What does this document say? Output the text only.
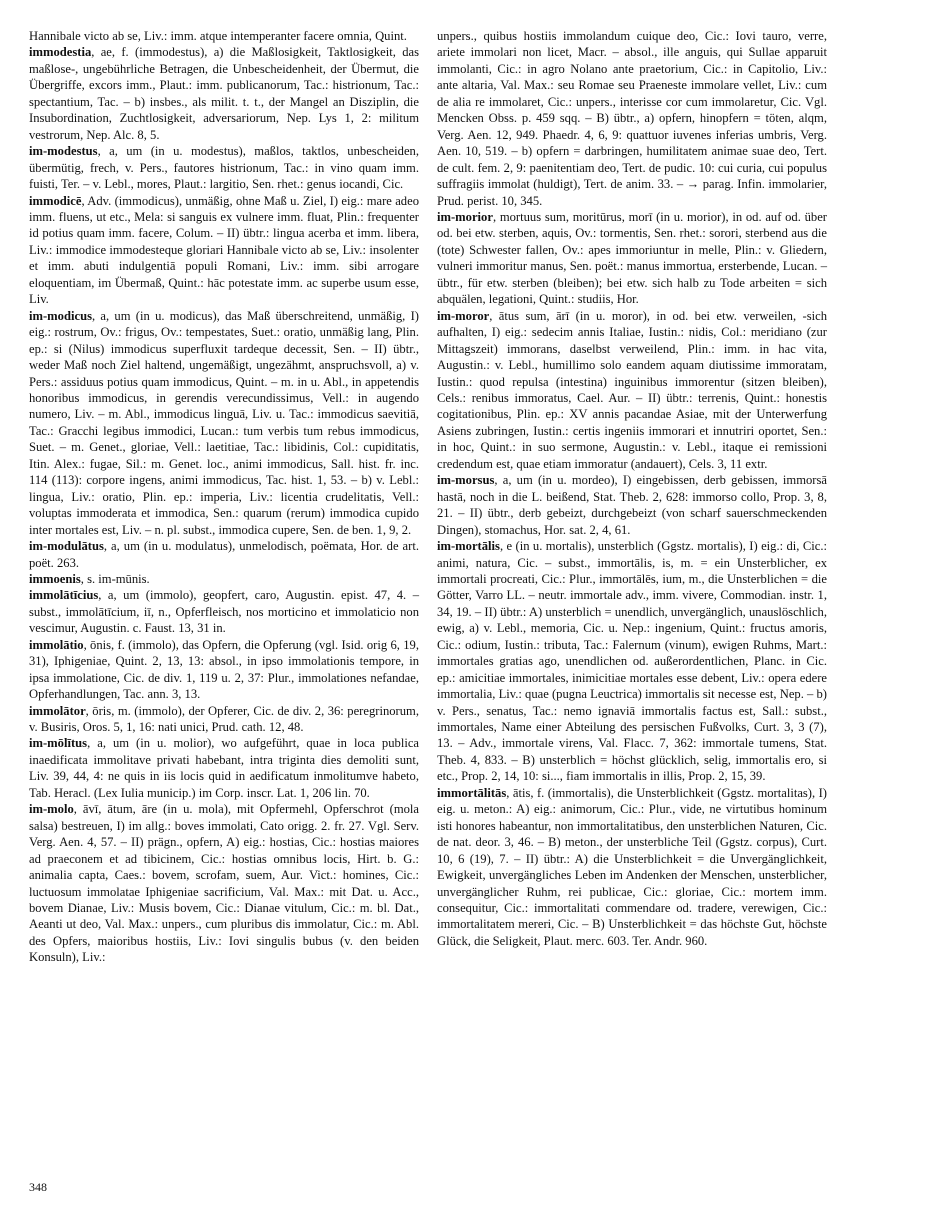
Hannibale victo ab se, Liv.: imm. atque intemperanter facere omnia, Quint.

immodestia, ae, f. (immodestus), a) die Maßlosigkeit, Taktlosigkeit, das maßlose-, ungebührliche Betragen, die Unbescheidenheit, der Übermut, die Übergriffe, excors imm., Plaut.: imm. publicanorum, Tac.: histrionum, Tac.: spectantium, Tac. – b) insbes., als milit. t. t., der Mangel an Disziplin, die Insubordination, Zuchtlosigkeit, adversariorum, Nep. Lys 1, 2: militum vestrorum, Nep. Alc. 8, 5.

im-modestus, a, um (in u. modestus), maßlos, taktlos, unbescheiden, übermütig, frech, v. Pers., fautores histrionum, Tac.: in vino quam imm. fuisti, Ter. – v. Lebl., mores, Plaut.: largitio, Sen. rhet.: genus iocandi, Cic.

immodicē, Adv. (immodicus), unmäßig, ohne Maß u. Ziel, I) eig.: mare adeo imm. fluens, ut etc., Mela: si sanguis ex vulnere imm. fluat, Plin.: frequenter id potius quam imm. facere, Colum. – II) übtr.: lingua acerba et imm. libera, Liv.: immodice immodesteque gloriari Hannibale victo ab se, Liv.: insolenter et imm. abuti indulgentiā populi Romani, Liv.: imm. sibi arrogare eloquentiam, im Übermaß, Quint.: hāc potestate imm. ac superbe usum esse, Liv.

im-modicus, a, um (in u. modicus), das Maß überschreitend, unmäßig, I) eig.: rostrum, Ov.: frigus, Ov.: tempestates, Suet.: oratio, unmäßig lang, Plin. ep.: si (Nilus) immodicus superfluxit tardeque decessit, Sen. – II) übtr., weder Maß noch Ziel haltend, ungemäßigt, ungezähmt, anspruchsvoll, a) v. Pers.: assiduus potius quam immodicus, Quint. – m. in u. Abl., in appetendis honoribus immodicus, in gerendis verecundissimus, Vell.: in augendo numero, Liv. – m. Abl., immodicus linguā, Liv. u. Tac.: immodicus saevitiā, Tac.: Gracchi legibus immodici, Lucan.: tum verbis tum rebus immodicus, Suet. – m. Genet., gloriae, Vell.: laetitiae, Tac.: libidinis, Col.: cupiditatis, Itin. Alex.: fugae, Sil.: m. Genet. loc., animi immodicus, Sall. hist. fr. inc. 114 (113): corpore ingens, animi immodicus, Tac. hist. 1, 53. – b) v. Lebl.: lingua, Liv.: oratio, Plin. ep.: imperia, Liv.: licentia crudelitatis, Vell.: voluptas immoderata et immodica, Sen.: quarum (rerum) immodica cupido inter mortales est, Liv. – n. pl. subst., immodica cupere, Sen. de ben. 1, 9, 2.

im-modulātus, a, um (in u. modulatus), unmelodisch, poëmata, Hor. de art. poët. 263.

immoenis, s. im-mūnis.

immolātīcius, a, um (immolo), geopfert, caro, Augustin. epist. 47, 4. – subst., immolātīcium, iī, n., Opferfleisch, nos morticino et immolaticio non vescimur, Augustin. c. Faust. 13, 31 in.

immolātio, ōnis, f. (immolo), das Opfern, die Opferung (vgl. Isid. orig 6, 19, 31), Iphigeniae, Quint. 2, 13, 13: absol., in ipso immolationis tempore, in ipsa immolatione, Cic. de div. 1, 119 u. 2, 37: Plur., immolationes nefandae, Opferhandlungen, Tac. ann. 3, 13.

immolātor, ōris, m. (immolo), der Opferer, Cic. de div. 2, 36: peregrinorum, v. Busiris, Oros. 5, 1, 16: nati unici, Prud. cath. 12, 48.

im-mōlītus, a, um (in u. molior), wo aufgeführt, quae in loca publica inaedificata immolitave privati habebant, intra triginta dies demoliti sunt, Liv. 39, 44, 4: ne quis in iis locis quid in aedificatum inmolitumve habeto, Tab. Heracl. (Lex Iulia municip.) im Corp. inscr. Lat. 1, 206 lin. 70.

im-molo, āvī, ātum, āre (in u. mola), mit Opfermehl, Opferschrot (mola salsa) bestreuen, I) im allg.: boves immolati, Cato origg. 2. fr. 27. Vgl. Serv. Verg. Aen. 4, 57. – II) prägn., opfern, A) eig.: hostias, Cic.: hostias maiores ad praeconem et ad tibicinem, Cic.: hostias omnibus locis, Hirt. b. G.: animalia capta, Caes.: bovem, scrofam, suem, Aur. Vict.: homines, Cic.: luctuosum immolatae Iphigeniae sacrificium, Val. Max.: mit Dat. u. Acc., bovem Dianae, Liv.: Musis bovem, Cic.: Dianae vitulum, Cic.: m. bl. Dat., Aeanti ut deo, Val. Max.: unpers., cum pluribus dis immolatur, Cic.: m. Abl. des Opfers, maioribus hostiis, Liv.: Iovi singulis bubus (v. den beiden Konsuln), Liv.:

unpers., quibus hostiis immolandum cuique deo, Cic.: Iovi tauro, verre, ariete immolari non licet, Macr. – absol., ille anguis, qui Sullae apparuit immolanti, Cic.: in agro Nolano ante praetorium, Cic.: in Capitolio, Liv.: ante altaria, Val. Max.: seu Romae seu Praeneste immolare vellet, Liv.: cum de alia re immolaret, Cic.: unpers., interisse cor cum immolaretur, Cic. Vgl. Mencken Obss. p. 459 sqq. – B) übtr., a) opfern, hinopfern = töten, alqm, Verg. Aen. 12, 949. Phaedr. 4, 6, 9: quattuor iuvenes inferias umbris, Verg. Aen. 10, 519. – b) opfern = darbringen, humilitatem animae suae deo, Tert. de cult. fem. 2, 9: paenitentiam deo, Tert. de pudic. 10: cui curia, cui populus suffragiis immolat (huldigt), Tert. de anim. 33. – → parag. Infin. immolarier, Prud. perist. 10, 345.

im-morior, mortuus sum, moritūrus, morī (in u. morior), in od. auf od. über od. bei etw. sterben, aquis, Ov.: tormentis, Sen. rhet.: sorori, sterbend aus die (tote) Schwester fallen, Ov.: apes immoriuntur in melle, Plin.: v. Gliedern, vulneri immoritur manus, Sen. poët.: manus immortua, ersterbende, Lucan. – übtr., für etw. sterben (bleiben); bei etw. sich halb zu Tode arbeiten = sich abquälen, legationi, Quint.: studiis, Hor.

im-moror, ātus sum, ārī (in u. moror), in od. bei etw. verweilen, -sich aufhalten, I) eig.: sedecim annis Italiae, Iustin.: nidis, Col.: meridiano (zur Mittagszeit) immorans, daselbst verweilend, Plin.: imm. in hac vita, Augustin.: v. Lebl., humillimo solo eandem aquam diutissime immoratam, Iustin.: quod repulsa (intestina) inguinibus immorentur (sitzen bleiben), Cels.: renibus immoratus, Cael. Aur. – II) übtr.: terrenis, Quint.: honestis cogitationibus, Plin. ep.: XV annis pacandae Asiae, mit der Unterwerfung Asiens zubringen, Iustin.: certis ingeniis immorari et innutriri oportet, Sen.: in hoc, Quint.: in suo sermone, Augustin.: v. Lebl., itaque ei remissioni credendum est, quae etiam immoratur (andauert), Cels. 3, 11 extr.

im-morsus, a, um (in u. mordeo), I) eingebissen, derb gebissen, immorsā hastā, noch in die L. beißend, Stat. Theb. 2, 628: immorso collo, Prop. 3, 8, 21. – II) übtr., derb gebeizt, durchgebeizt (von scharf sauerschmeckenden Dingen), stomachus, Hor. sat. 2, 4, 61.

im-mortālis, e (in u. mortalis), unsterblich (Ggstz. mortalis), I) eig.: di, Cic.: animi, natura, Cic. – subst., immortālis, is, m. = ein Unsterblicher, ex immortali procreati, Cic.: Plur., immortālēs, ium, m., die Unsterblichen = die Götter, Varro LL. – neutr. immortale adv., imm. vivere, Commodian. instr. 1, 34, 19. – II) übtr.: A) unsterblich = unendlich, unvergänglich, unauslöschlich, ewig, a) v. Lebl., memoria, Cic. u. Nep.: ingenium, Quint.: fructus amoris, Cic.: odium, Iustin.: tributa, Tac.: Falernum (vinum), ewigen Ruhms, Mart.: immortales gratias ago, unendlichen od. außerordentlichen, Planc. in Cic. ep.: amicitiae immortales, inimicitiae mortales esse debent, Liv.: opera edere immortalia, Liv.: quae (pugna Leuctrica) immortalis sit necesse est, Nep. – b) v. Pers., senatus, Tac.: nemo ignaviā immortalis factus est, Sall.: subst., immortales, Name einer Abteilung des persischen Fußvolks, Curt. 3, 3 (7), 13. – Adv., immortale virens, Val. Flacc. 7, 362: immortale tumens, Stat. Theb. 4, 833. – B) unsterblich = höchst glücklich, selig, immortalis ero, si etc., Prop. 2, 14, 10: si..., fiam immortalis in illis, Prop. 2, 15, 39.

immortālitās, ātis, f. (immortalis), die Unsterblichkeit (Ggstz. mortalitas), I) eig. u. meton.: A) eig.: animorum, Cic.: Plur., vide, ne virtutibus hominum isti honores habeantur, non immortalitatibus, den unsterblichen Naturen, Cic. de nat. deor. 3, 46. – B) meton., der unsterbliche Teil (Ggstz. corpus), Curt. 10, 6 (19), 7. – II) übtr.: A) die Unsterblichkeit = die Unvergänglichkeit, Ewigkeit, unvergängliches Leben im Andenken der Menschen, unsterblicher, unvergänglicher Ruhm, rei publicae, Cic.: gloriae, Cic.: mortem imm. consequitur, Cic.: immortalitati commendare od. tradere, verewigen, Cic.: immortalitatem mereri, Cic. – B) Unsterblichkeit = das höchste Gut, höchste Glück, die Seligkeit, Plaut. merc. 603. Ter. Andr. 960.

348
